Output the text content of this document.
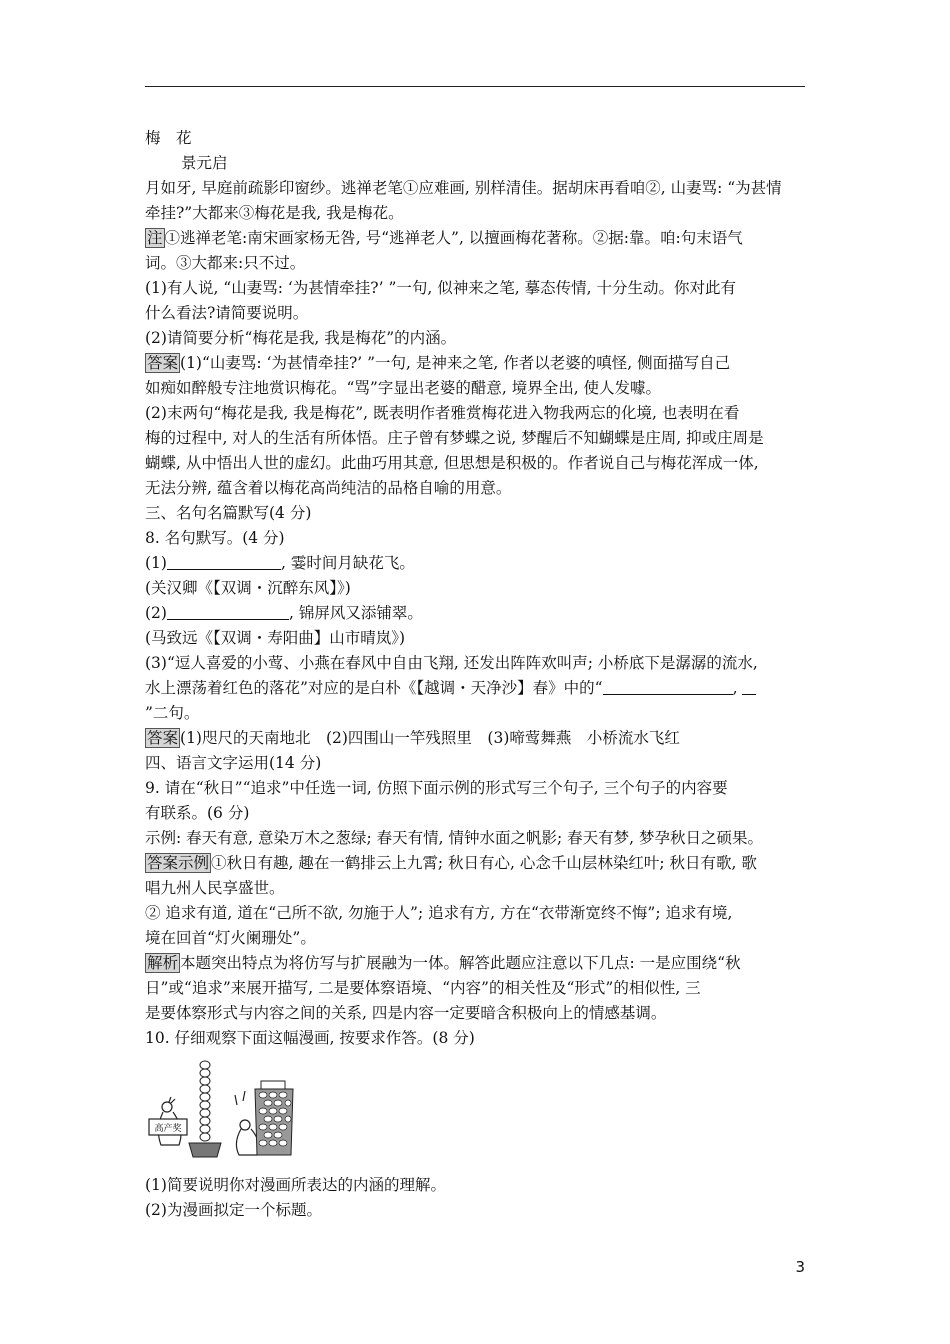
梅　花
景元启
月如牙, 早庭前疏影印窗纱。逃禅老笔①应难画, 别样清佳。据胡床再看咱②, 山妻骂: “为甚情
牵挂?”大都来③梅花是我, 我是梅花。
注 ①逃禅老笔:南宋画家杨无咎, 号“逃禅老人”, 以擅画梅花著称。②据:靠。咱:句末语气
词。③大都来:只不过。
(1)有人说, “山妻骂: ‘为甚情牵挂?’ ”一句, 似神来之笔, 摹态传情, 十分生动。你对此有
什么看法?请简要说明。
(2)请简要分析“梅花是我, 我是梅花”的内涵。
答案 (1)“山妻骂: ‘为甚情牵挂?’ ”一句, 是神来之笔, 作者以老婆的嗔怪, 侧面描写自己
如痴如醉般专注地赏识梅花。“骂”字显出老婆的醋意, 境界全出, 使人发噱。
(2)末两句“梅花是我, 我是梅花”, 既表明作者雅赏梅花进入物我两忘的化境, 也表明在看
梅的过程中, 对人的生活有所体悟。庄子曾有梦蝶之说, 梦醒后不知蝴蝶是庄周, 抑或庄周是
蝴蝶, 从中悟出人世的虚幻。此曲巧用其意, 但思想是积极的。作者说自己与梅花浑成一体,
无法分辨, 蕴含着以梅花高尚纯洁的品格自喻的用意。
三、名句名篇默写(4 分)
8. 名句默写。(4 分)
(1)	, 霎时间月缺花飞。
(关汉卿《【双调・沉醉东风】》)
(2)	, 锦屏风又添铺翠。
(马致远《【双调・寿阳曲】山市晴岚》)
(3)“逗人喜爱的小莺、小燕在春风中自由飞翔, 还发出阵阵欢叫声; 小桥底下是潺潺的流水,
水上漂荡着红色的落花”对应的是白朴《【越调・天净沙】春》中的“	,
”二句。
答案 (1)咫尺的天南地北　(2)四围山一竿残照里　(3)啼莺舞燕　小桥流水飞红
四、语言文字运用(14 分)
9. 请在“秋日”“追求”中任选一词, 仿照下面示例的形式写三个句子, 三个句子的内容要
有联系。(6 分)
示例: 春天有意, 意染万木之葱绿; 春天有情, 情钟水面之帆影; 春天有梦, 梦孕秋日之硕果。
答案示例 ①秋日有趣, 趣在一鹤排云上九霄; 秋日有心, 心念千山层林染红叶; 秋日有歌, 歌
唱九州人民享盛世。
② 追求有道, 道在“己所不欲, 勿施于人”; 追求有方, 方在“衣带渐宽终不悔”; 追求有境,
境在回首“灯火阑珊处”。
解析 本题突出特点为将仿写与扩展融为一体。解答此题应注意以下几点: 一是应围绕“秋
日”或“追求”来展开描写, 二是要体察语境、“内容”的相关性及“形式”的相似性, 三
是要体察形式与内容之间的关系, 四是内容一定要暗含积极向上的情感基调。
10. 仔细观察下面这幅漫画, 按要求作答。(8 分)
高产奖
(1)简要说明你对漫画所表达的内涵的理解。
(2)为漫画拟定一个标题。
3
